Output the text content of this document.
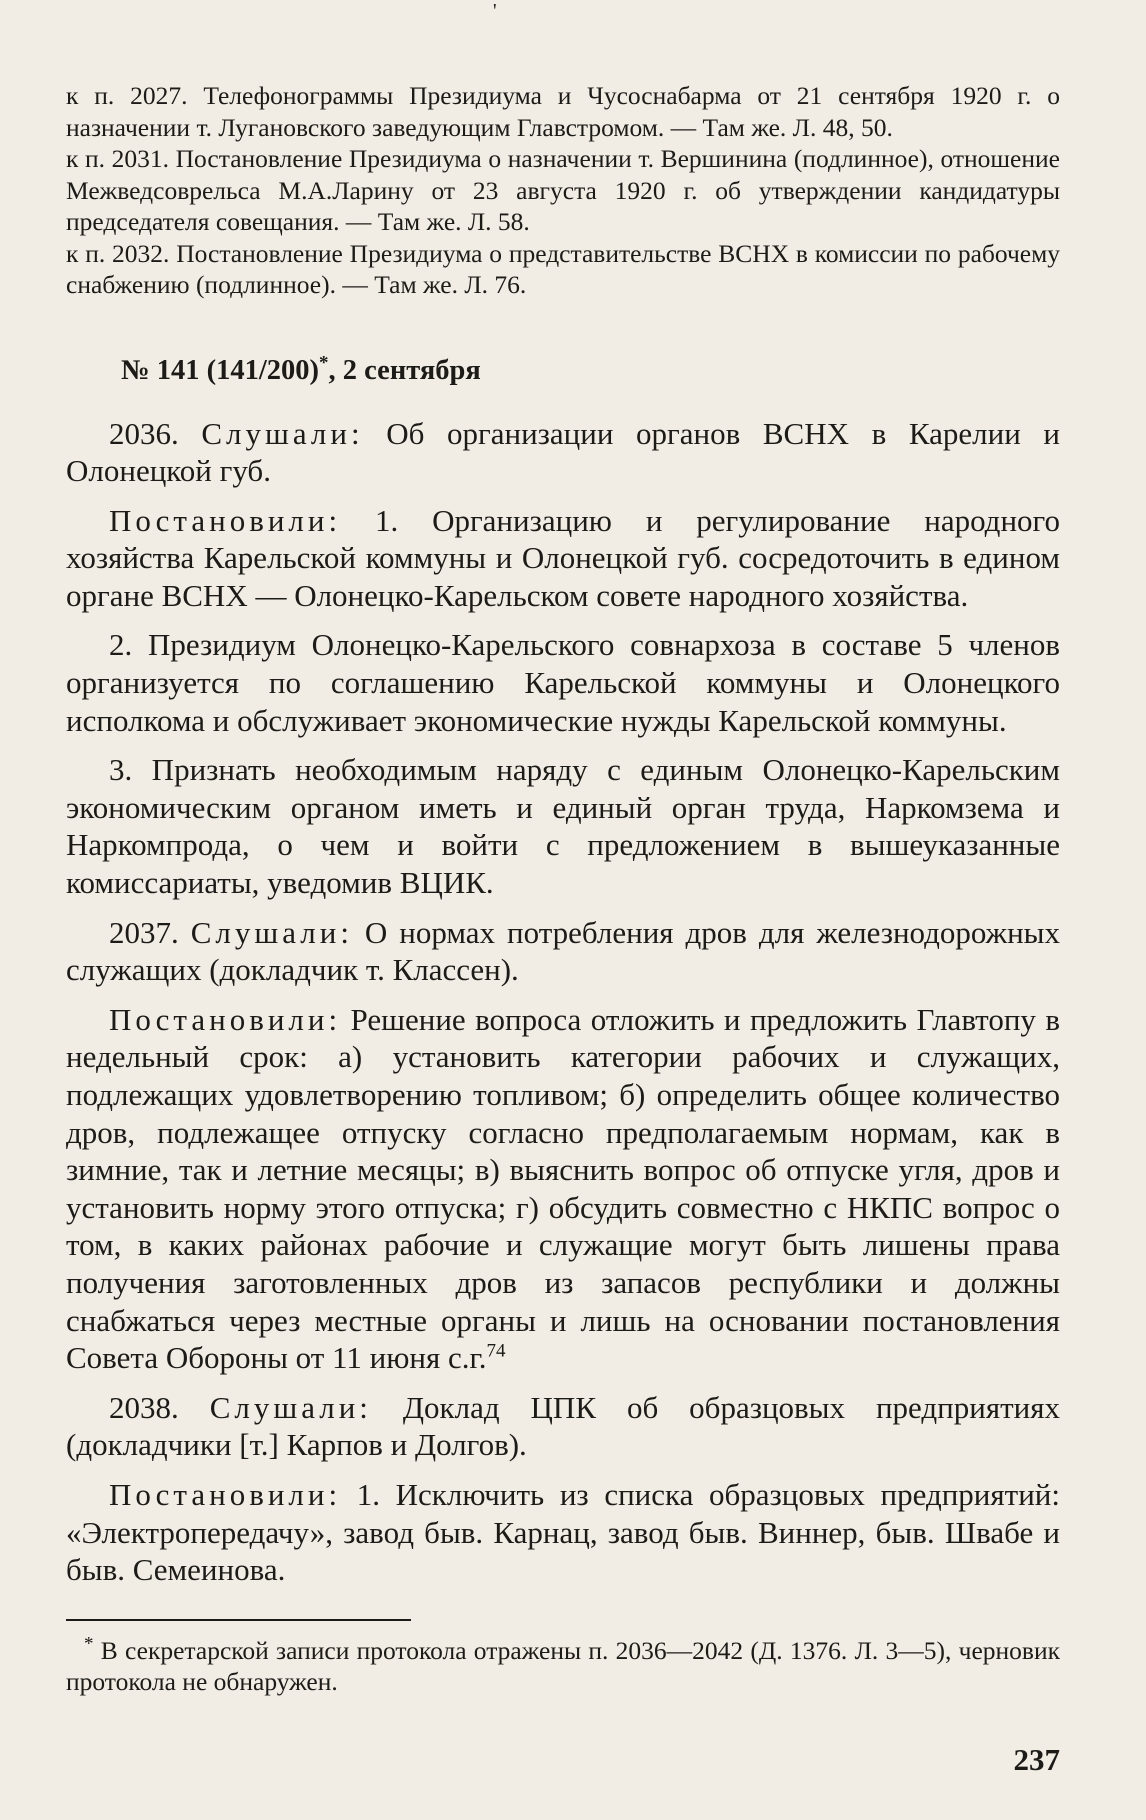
'

к п. 2027. Телефонограммы Президиума и Чусоснабарма от 21 сентября 1920 г. о назначении т. Лугановского заведующим Главстромом. — Там же. Л. 48, 50.

к п. 2031. Постановление Президиума о назначении т. Вершинина (подлинное), отношение Межведсоврельса М.А.Ларину от 23 августа 1920 г. об утверждении кандидатуры председателя совещания. — Там же. Л. 58.

к п. 2032. Постановление Президиума о представительстве ВСНХ в комиссии по рабочему снабжению (подлинное). — Там же. Л. 76.

№ 141 (141/200)*, 2 сентября

2036. Слушали: Об организации органов ВСНХ в Карелии и Олонецкой губ.

Постановили: 1. Организацию и регулирование народного хозяйства Карельской коммуны и Олонецкой губ. сосредоточить в едином органе ВСНХ — Олонецко-Карельском совете народного хозяйства.

2. Президиум Олонецко-Карельского совнархоза в составе 5 членов организуется по соглашению Карельской коммуны и Олонецкого исполкома и обслуживает экономические нужды Карельской коммуны.

3. Признать необходимым наряду с единым Олонецко-Карельским экономическим органом иметь и единый орган труда, Наркомзема и Наркомпрода, о чем и войти с предложением в вышеуказанные комиссариаты, уведомив ВЦИК.

2037. Слушали: О нормах потребления дров для железнодорожных служащих (докладчик т. Классен).

Постановили: Решение вопроса отложить и предложить Главтопу в недельный срок: а) установить категории рабочих и служащих, подлежащих удовлетворению топливом; б) определить общее количество дров, подлежащее отпуску согласно предполагаемым нормам, как в зимние, так и летние месяцы; в) выяснить вопрос об отпуске угля, дров и установить норму этого отпуска; г) обсудить совместно с НКПС вопрос о том, в каких районах рабочие и служащие могут быть лишены права получения заготовленных дров из запасов республики и должны снабжаться через местные органы и лишь на основании постановления Совета Обороны от 11 июня с.г.$^{74}$

2038. Слушали: Доклад ЦПК об образцовых предприятиях (докладчики [т.] Карпов и Долгов).

Постановили: 1. Исключить из списка образцовых предприятий: «Электропередачу», завод быв. Карнац, завод быв. Виннер, быв. Швабе и быв. Семеинова.

* В секретарской записи протокола отражены п. 2036—2042 (Д. 1376. Л. 3—5), черновик протокола не обнаружен.

237
